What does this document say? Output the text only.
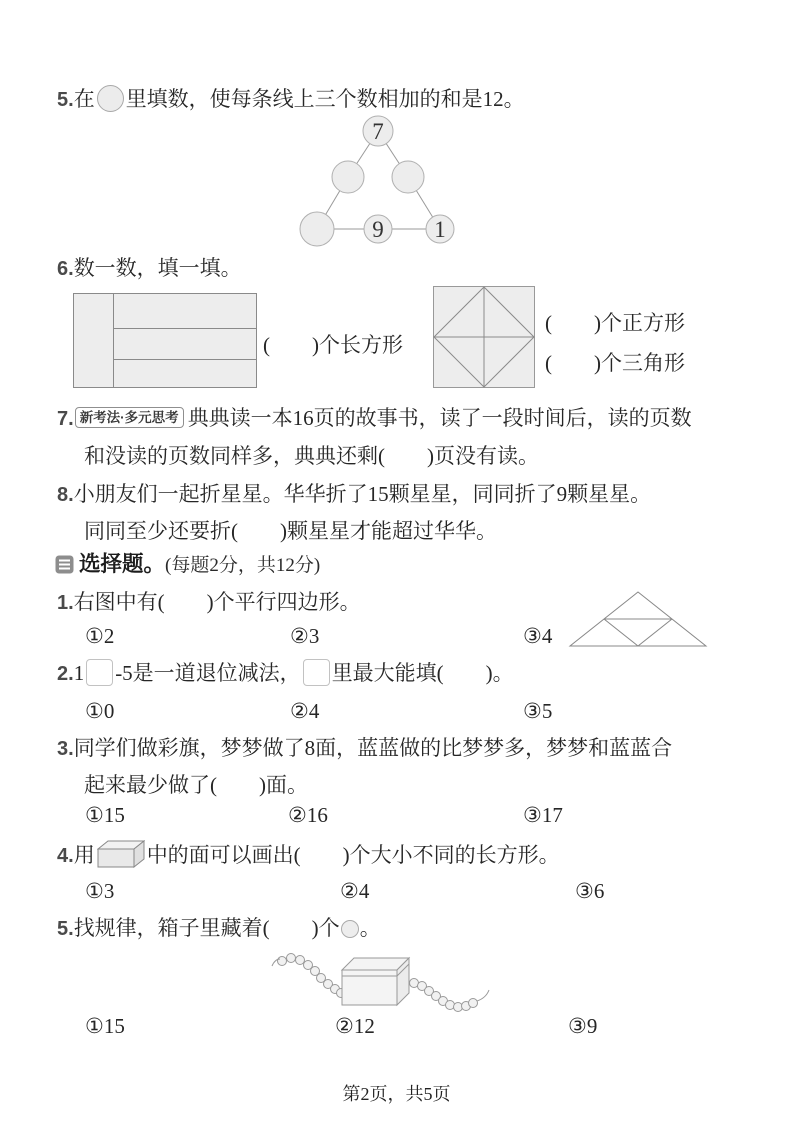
5.在 里填数，使每条线上三个数相加的和是12。
7
9 1
6.数一数，填一填。
(        )个长方形
(        )个正方形
(        )个三角形
7. 新考法·多元思考 典典读一本16页的故事书，读了一段时间后，读的页数
和没读的页数同样多，典典还剩(        )页没有读。
8.小朋友们一起折星星。华华折了15颗星星，同同折了9颗星星。
同同至少还要折(        )颗星星才能超过华华。
选择题。(每题2分，共12分)
1.右图中有(        )个平行四边形。
①2	②3	③4
2.1 -5是一道退位减法， 里最大能填(        )。
①0	②4	③5
3.同学们做彩旗，梦梦做了8面，蓝蓝做的比梦梦多，梦梦和蓝蓝合
起来最少做了(        )面。
①15	②16	③17
4.用 中的面可以画出(        )个大小不同的长方形。
①3	②4	③6
5.找规律，箱子里藏着(        )个 。
①15	②12	③9
第2页，共5页
